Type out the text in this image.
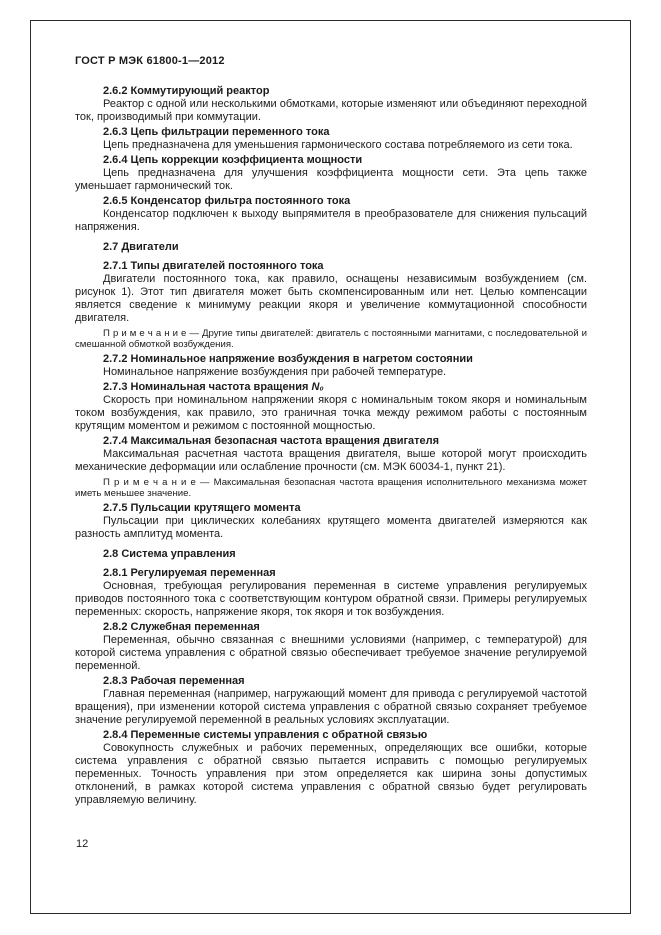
ГОСТ Р МЭК 61800-1—2012

2.6.2 Коммутирующий реактор

Реактор с одной или несколькими обмотками, которые изменяют или объединяют переходной ток, производимый при коммутации.

2.6.3 Цепь фильтрации переменного тока

Цепь предназначена для уменьшения гармонического состава потребляемого из сети тока.

2.6.4 Цепь коррекции коэффициента мощности

Цепь предназначена для улучшения коэффициента мощности сети. Эта цепь также уменьшает гармонический ток.

2.6.5 Конденсатор фильтра постоянного тока

Конденсатор подключен к выходу выпрямителя в преобразователе для снижения пульсаций напряжения.

2.7 Двигатели

2.7.1 Типы двигателей постоянного тока

Двигатели постоянного тока, как правило, оснащены независимым возбуждением (см. рисунок 1). Этот тип двигателя может быть скомпенсированным или нет. Целью компенсации является сведение к минимуму реакции якоря и увеличение коммутационной способности двигателя.

П р и м е ч а н и е — Другие типы двигателей: двигатель с постоянными магнитами, с последовательной и смешанной обмоткой возбуждения.

2.7.2 Номинальное напряжение возбуждения в нагретом состоянии

Номинальное напряжение возбуждения при рабочей температуре.

2.7.3 Номинальная частота вращения N₀

Скорость при номинальном напряжении якоря с номинальным током якоря и номинальным током возбуждения, как правило, это граничная точка между режимом работы с постоянным крутящим моментом и режимом с постоянной мощностью.

2.7.4 Максимальная безопасная частота вращения двигателя

Максимальная расчетная частота вращения двигателя, выше которой могут происходить механические деформации или ослабление прочности (см. МЭК 60034-1, пункт 21).

П р и м е ч а н и е — Максимальная безопасная частота вращения исполнительного механизма может иметь меньшее значение.

2.7.5 Пульсации крутящего момента

Пульсации при циклических колебаниях крутящего момента двигателей измеряются как разность амплитуд момента.

2.8 Система управления

2.8.1 Регулируемая переменная

Основная, требующая регулирования переменная в системе управления регулируемых приводов постоянного тока с соответствующим контуром обратной связи. Примеры регулируемых переменных: скорость, напряжение якоря, ток якоря и ток возбуждения.

2.8.2 Служебная переменная

Переменная, обычно связанная с внешними условиями (например, с температурой) для которой система управления с обратной связью обеспечивает требуемое значение регулируемой переменной.

2.8.3 Рабочая переменная

Главная переменная (например, нагружающий момент для привода с регулируемой частотой вращения), при изменении которой система управления с обратной связью сохраняет требуемое значение регулируемой переменной в реальных условиях эксплуатации.

2.8.4 Переменные системы управления с обратной связью

Совокупность служебных и рабочих переменных, определяющих все ошибки, которые система управления с обратной связью пытается исправить с помощью регулируемых переменных. Точность управления при этом определяется как ширина зоны допустимых отклонений, в рамках которой система управления с обратной связью будет регулировать управляемую величину.

12
